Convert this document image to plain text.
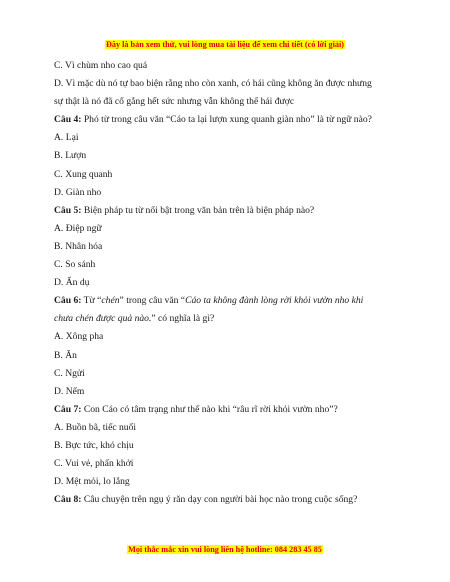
Đây là bản xem thử, vui lòng mua tài liệu để xem chi tiết (có lời giải)
C. Vì chùm nho cao quá
D. Vì mặc dù nó tự bao biện rằng nho còn xanh, có hái cũng không ăn được nhưng
sự thật là nó đã cố gắng hết sức nhưng vẫn không thể hái được
Câu 4: Phó từ trong câu văn “Cáo ta lại lượn xung quanh giàn nho” là từ ngữ nào?
A. Lại
B. Lượn
C. Xung quanh
D. Giàn nho
Câu 5: Biện pháp tu từ nổi bật trong văn bản trên là biện pháp nào?
A. Điệp ngữ
B. Nhân hóa
C. So sánh
D. Ẩn dụ
Câu 6: Từ “chén” trong câu văn “Cáo ta không đành lòng rời khỏi vườn nho khi
chưa chén được quả nào.” có nghĩa là gì?
A. Xông pha
B. Ăn
C. Ngửi
D. Nếm
Câu 7: Con Cáo có tâm trạng như thế nào khi “râu rĩ rời khỏi vườn nho”?
A. Buồn bã, tiếc nuối
B. Bực tức, khó chịu
C. Vui vẻ, phấn khởi
D. Mệt mỏi, lo lắng
Câu 8: Câu chuyện trên ngụ ý răn dạy con người bài học nào trong cuộc sống?
Mọi thắc mắc xin vui lòng liên hệ hotline: 084 283 45 85
